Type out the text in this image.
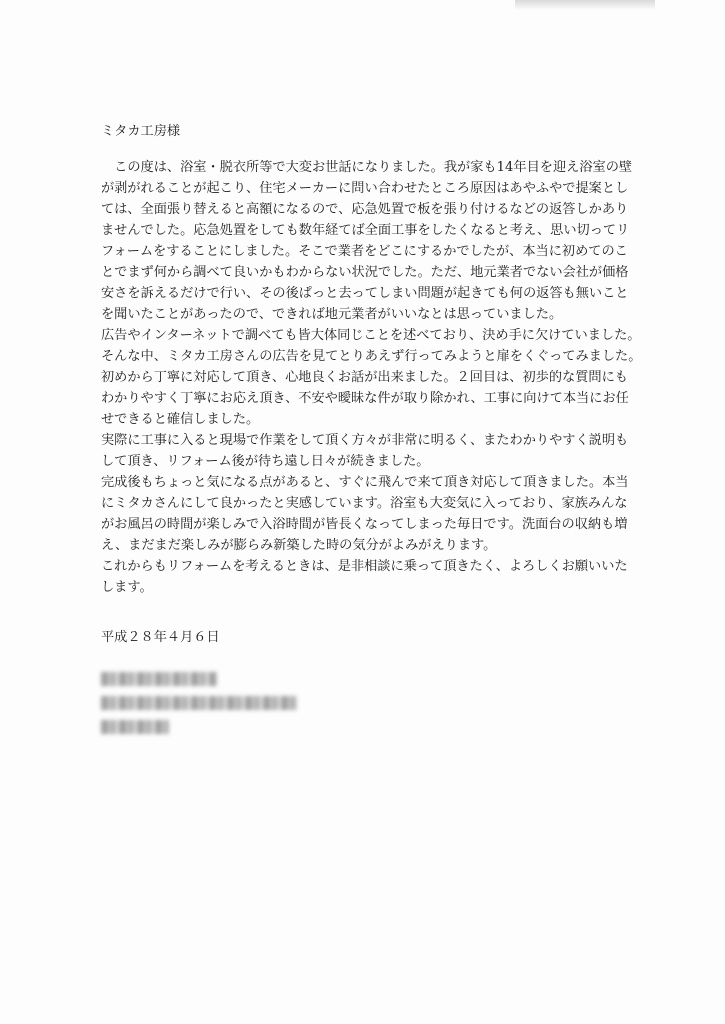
ミタカ工房様

　この度は、浴室・脱衣所等で大変お世話になりました。我が家も14年目を迎え浴室の壁
が剥がれることが起こり、住宅メーカーに問い合わせたところ原因はあやふやで提案とし
ては、全面張り替えると高額になるので、応急処置で板を張り付けるなどの返答しかあり
ませんでした。応急処置をしても数年経てば全面工事をしたくなると考え、思い切ってリ
フォームをすることにしました。そこで業者をどこにするかでしたが、本当に初めてのこ
とでまず何から調べて良いかもわからない状況でした。ただ、地元業者でない会社が価格
安さを訴えるだけで行い、その後ぱっと去ってしまい問題が起きても何の返答も無いこと
を聞いたことがあったので、できれば地元業者がいいなとは思っていました。

広告やインターネットで調べても皆大体同じことを述べており、決め手に欠けていました。
そんな中、ミタカ工房さんの広告を見てとりあえず行ってみようと扉をくぐってみました。
初めから丁寧に対応して頂き、心地良くお話が出来ました。２回目は、初歩的な質問にも
わかりやすく丁寧にお応え頂き、不安や曖昧な件が取り除かれ、工事に向けて本当にお任
せできると確信しました。

実際に工事に入ると現場で作業をして頂く方々が非常に明るく、またわかりやすく説明も
して頂き、リフォーム後が待ち遠し日々が続きました。

完成後もちょっと気になる点があると、すぐに飛んで来て頂き対応して頂きました。本当
にミタカさんにして良かったと実感しています。浴室も大変気に入っており、家族みんな
がお風呂の時間が楽しみで入浴時間が皆長くなってしまった毎日です。洗面台の収納も増
え、まだまだ楽しみが膨らみ新築した時の気分がよみがえります。

これからもリフォームを考えるときは、是非相談に乗って頂きたく、よろしくお願いいた
します。

平成２８年４月６日
